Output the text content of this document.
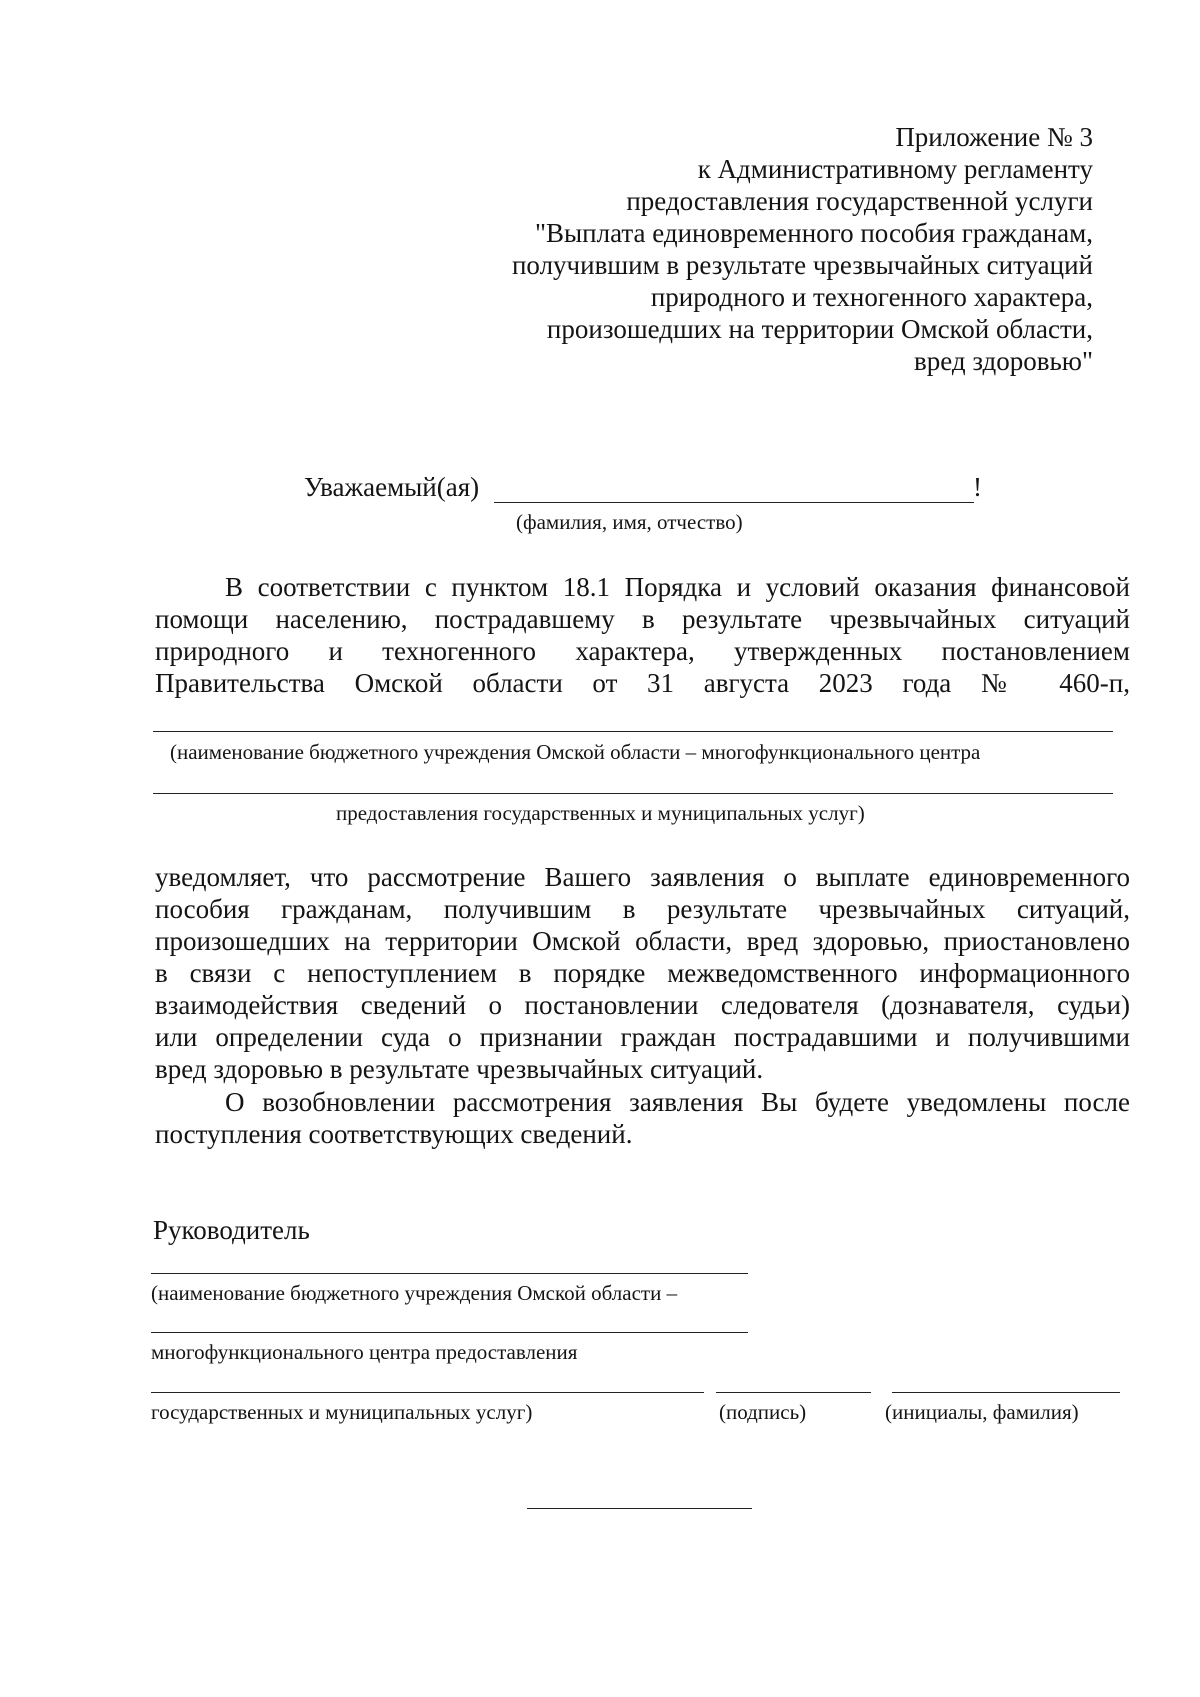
Приложение № 3
к Административному регламенту
предоставления государственной услуги
"Выплата единовременного пособия гражданам,
получившим в результате чрезвычайных ситуаций
природного и техногенного характера,
произошедших на территории Омской области,
вред здоровью"
Уважаемый(ая)	!
(фамилия, имя, отчество)
В соответствии с пунктом 18.1 Порядка и условий оказания финансовой
помощи населению, пострадавшему в результате чрезвычайных ситуаций
природного и техногенного характера, утвержденных постановлением
Правительства Омской области от 31 августа 2023 года № 460-п,
(наименование бюджетного учреждения Омской области – многофункционального центра
предоставления государственных и муниципальных услуг)
уведомляет, что рассмотрение Вашего заявления о выплате единовременного
пособия гражданам, получившим в результате чрезвычайных ситуаций,
произошедших на территории Омской области, вред здоровью, приостановлено
в связи с непоступлением в порядке межведомственного информационного
взаимодействия сведений о постановлении следователя (дознавателя, судьи)
или определении суда о признании граждан пострадавшими и получившими
вред здоровью в результате чрезвычайных ситуаций.
О возобновлении рассмотрения заявления Вы будете уведомлены после
поступления соответствующих сведений.
Руководитель
(наименование бюджетного учреждения Омской области –
многофункционального центра предоставления
государственных и муниципальных услуг)	(подпись)	(инициалы, фамилия)
